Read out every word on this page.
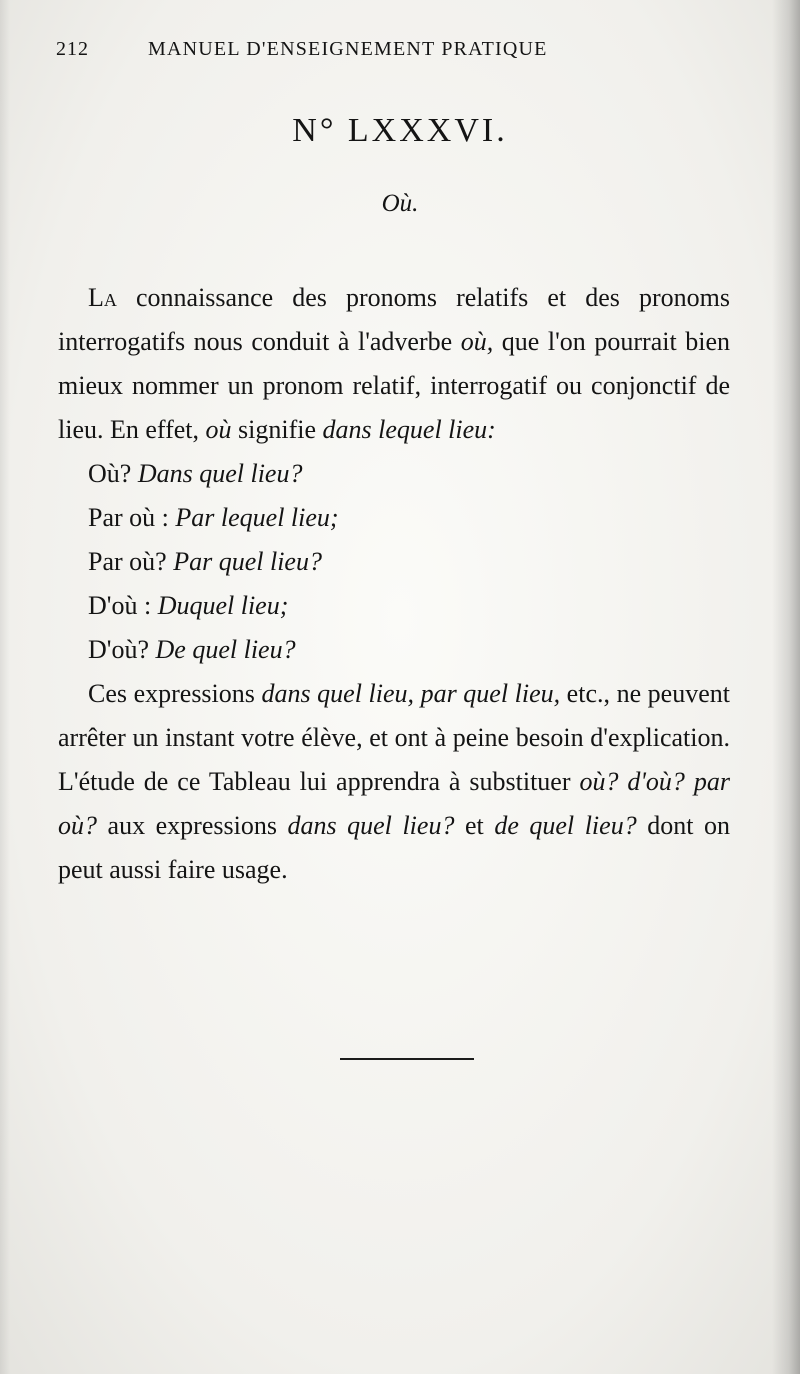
212	MANUEL D'ENSEIGNEMENT PRATIQUE
N° LXXXVI.
Où.

La connaissance des pronoms relatifs et des pronoms interrogatifs nous conduit à l'adverbe où, que l'on pourrait bien mieux nommer un pronom relatif, interrogatif ou conjonctif de lieu. En effet, où signifie dans lequel lieu:

Où? Dans quel lieu?

Par où : Par lequel lieu;

Par où? Par quel lieu?

D'où : Duquel lieu;

D'où? De quel lieu?

Ces expressions dans quel lieu, par quel lieu, etc., ne peuvent arrêter un instant votre élève, et ont à peine besoin d'explication. L'étude de ce Tableau lui apprendra à substituer où? d'où? par où? aux expressions dans quel lieu? et de quel lieu? dont on peut aussi faire usage.
